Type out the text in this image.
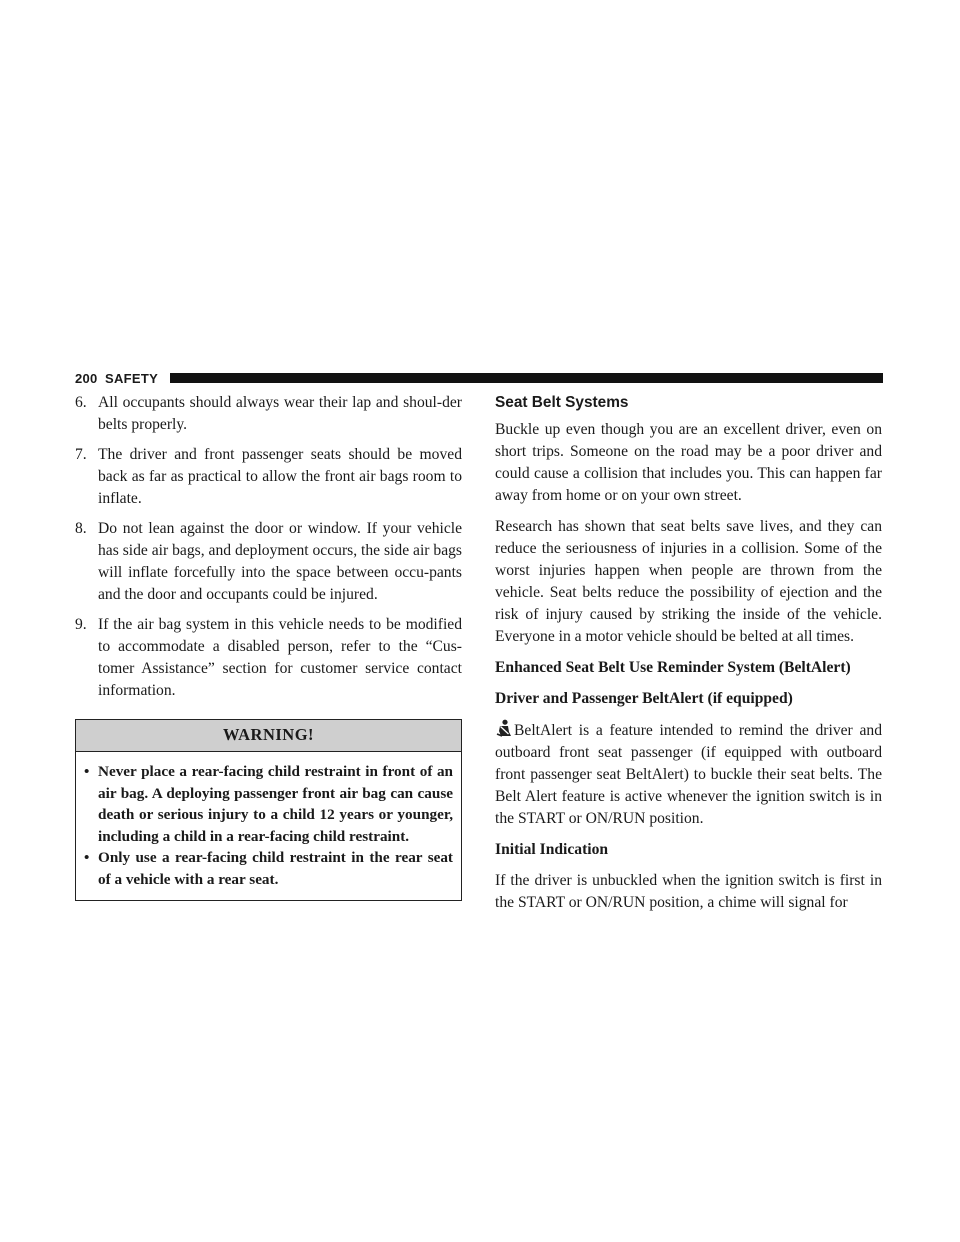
200 SAFETY
6. All occupants should always wear their lap and shoul-der belts properly.
7. The driver and front passenger seats should be moved back as far as practical to allow the front air bags room to inflate.
8. Do not lean against the door or window. If your vehicle has side air bags, and deployment occurs, the side air bags will inflate forcefully into the space between occu-pants and the door and occupants could be injured.
9. If the air bag system in this vehicle needs to be modified to accommodate a disabled person, refer to the “Cus-tomer Assistance” section for customer service contact information.
WARNING!
• Never place a rear-facing child restraint in front of an air bag. A deploying passenger front air bag can cause death or serious injury to a child 12 years or younger, including a child in a rear-facing child restraint.
• Only use a rear-facing child restraint in the rear seat of a vehicle with a rear seat.
Seat Belt Systems

Buckle up even though you are an excellent driver, even on short trips. Someone on the road may be a poor driver and could cause a collision that includes you. This can happen far away from home or on your own street.

Research has shown that seat belts save lives, and they can reduce the seriousness of injuries in a collision. Some of the worst injuries happen when people are thrown from the vehicle. Seat belts reduce the possibility of ejection and the risk of injury caused by striking the inside of the vehicle. Everyone in a motor vehicle should be belted at all times.

Enhanced Seat Belt Use Reminder System (BeltAlert)

Driver and Passenger BeltAlert (if equipped)

BeltAlert is a feature intended to remind the driver and outboard front seat passenger (if equipped with outboard front passenger seat BeltAlert) to buckle their seat belts. The Belt Alert feature is active whenever the ignition switch is in the START or ON/RUN position.

Initial Indication

If the driver is unbuckled when the ignition switch is first in the START or ON/RUN position, a chime will signal for
